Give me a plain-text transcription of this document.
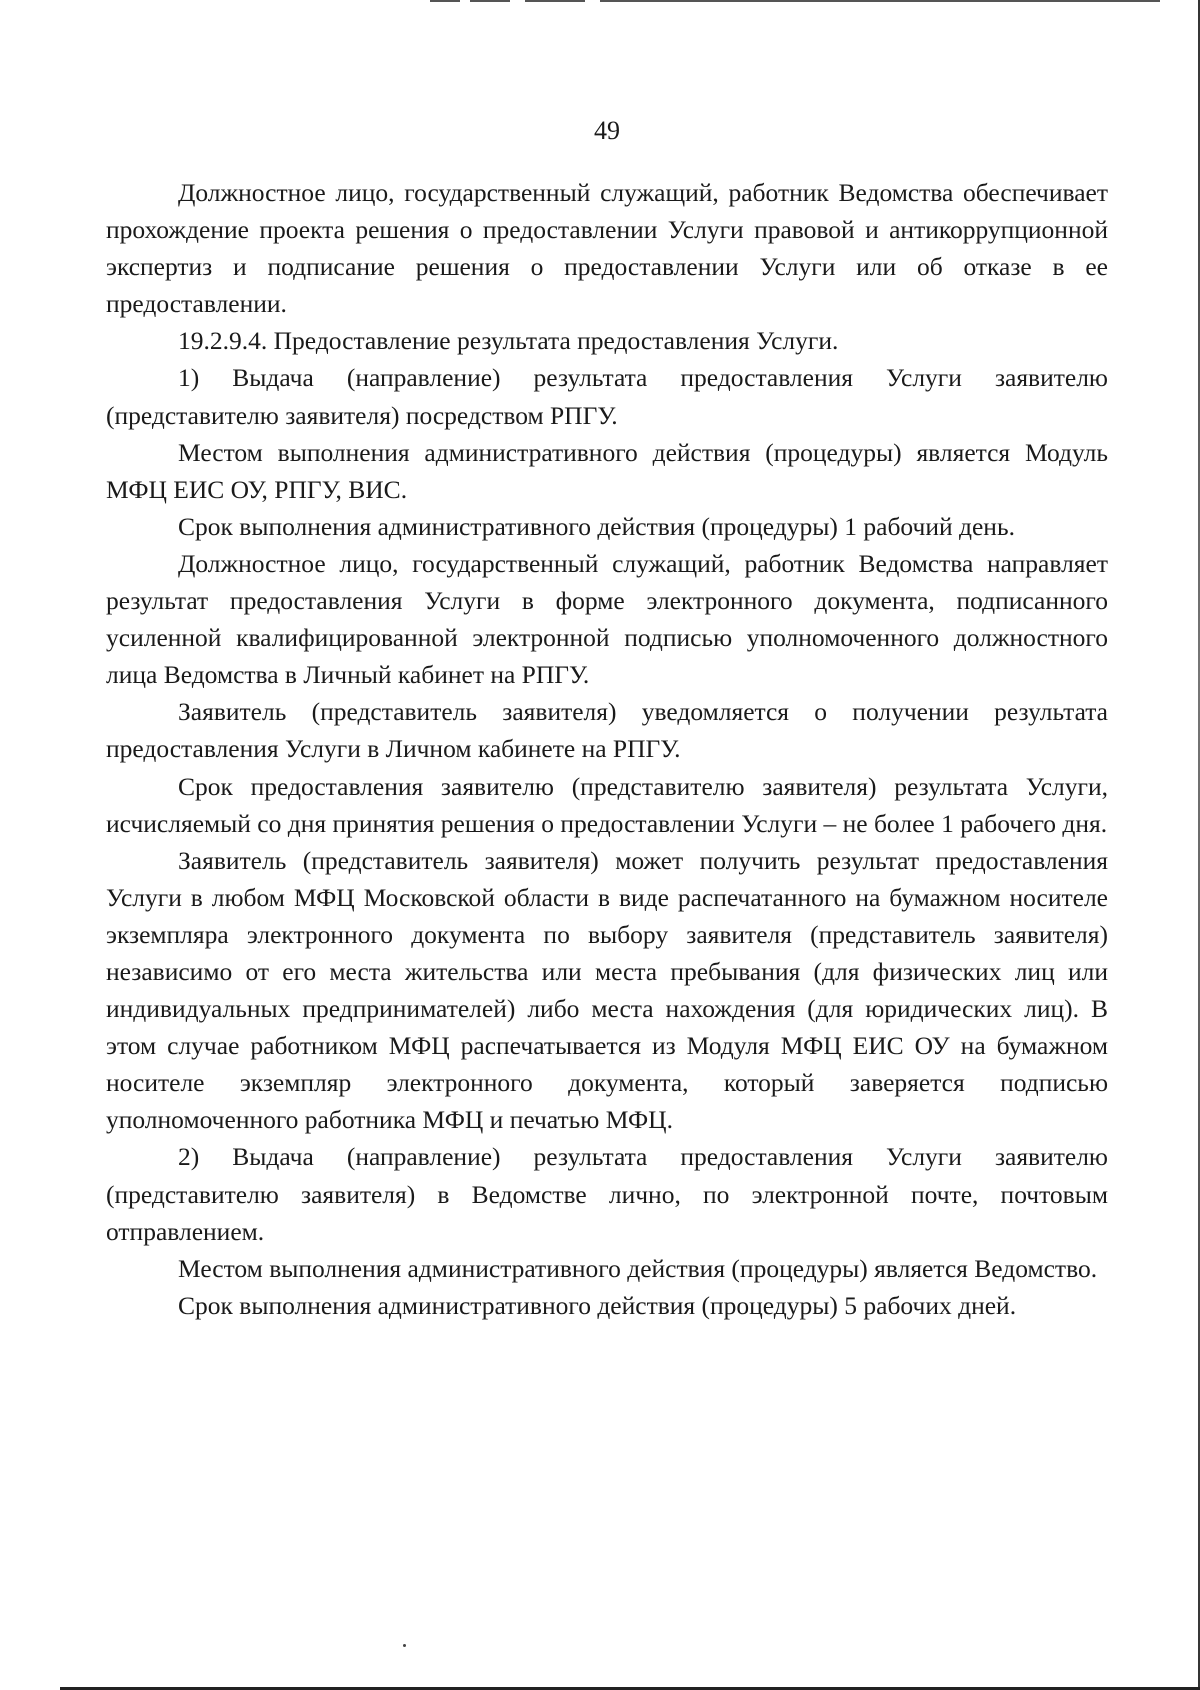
49

Должностное лицо, государственный служащий, работник Ведомства обеспечивает прохождение проекта решения о предоставлении Услуги правовой и антикоррупционной экспертиз и подписание решения о предоставлении Услуги или об отказе в ее предоставлении.

19.2.9.4. Предоставление результата предоставления Услуги.

1) Выдача (направление) результата предоставления Услуги заявителю (представителю заявителя) посредством РПГУ.

Местом выполнения административного действия (процедуры) является Модуль МФЦ ЕИС ОУ, РПГУ, ВИС.

Срок выполнения административного действия (процедуры) 1 рабочий день.

Должностное лицо, государственный служащий, работник Ведомства направляет результат предоставления Услуги в форме электронного документа, подписанного усиленной квалифицированной электронной подписью уполномоченного должностного лица Ведомства в Личный кабинет на РПГУ.

Заявитель (представитель заявителя) уведомляется о получении результата предоставления Услуги в Личном кабинете на РПГУ.

Срок предоставления заявителю (представителю заявителя) результата Услуги, исчисляемый со дня принятия решения о предоставлении Услуги – не более 1 рабочего дня.

Заявитель (представитель заявителя) может получить результат предоставления Услуги в любом МФЦ Московской области в виде распечатанного на бумажном носителе экземпляра электронного документа по выбору заявителя (представитель заявителя) независимо от его места жительства или места пребывания (для физических лиц или индивидуальных предпринимателей) либо места нахождения (для юридических лиц). В этом случае работником МФЦ распечатывается из Модуля МФЦ ЕИС ОУ на бумажном носителе экземпляр электронного документа, который заверяется подписью уполномоченного работника МФЦ и печатью МФЦ.

2) Выдача (направление) результата предоставления Услуги заявителю (представителю заявителя) в Ведомстве лично, по электронной почте, почтовым отправлением.

Местом выполнения административного действия (процедуры) является Ведомство.

Срок выполнения административного действия (процедуры) 5 рабочих дней.
